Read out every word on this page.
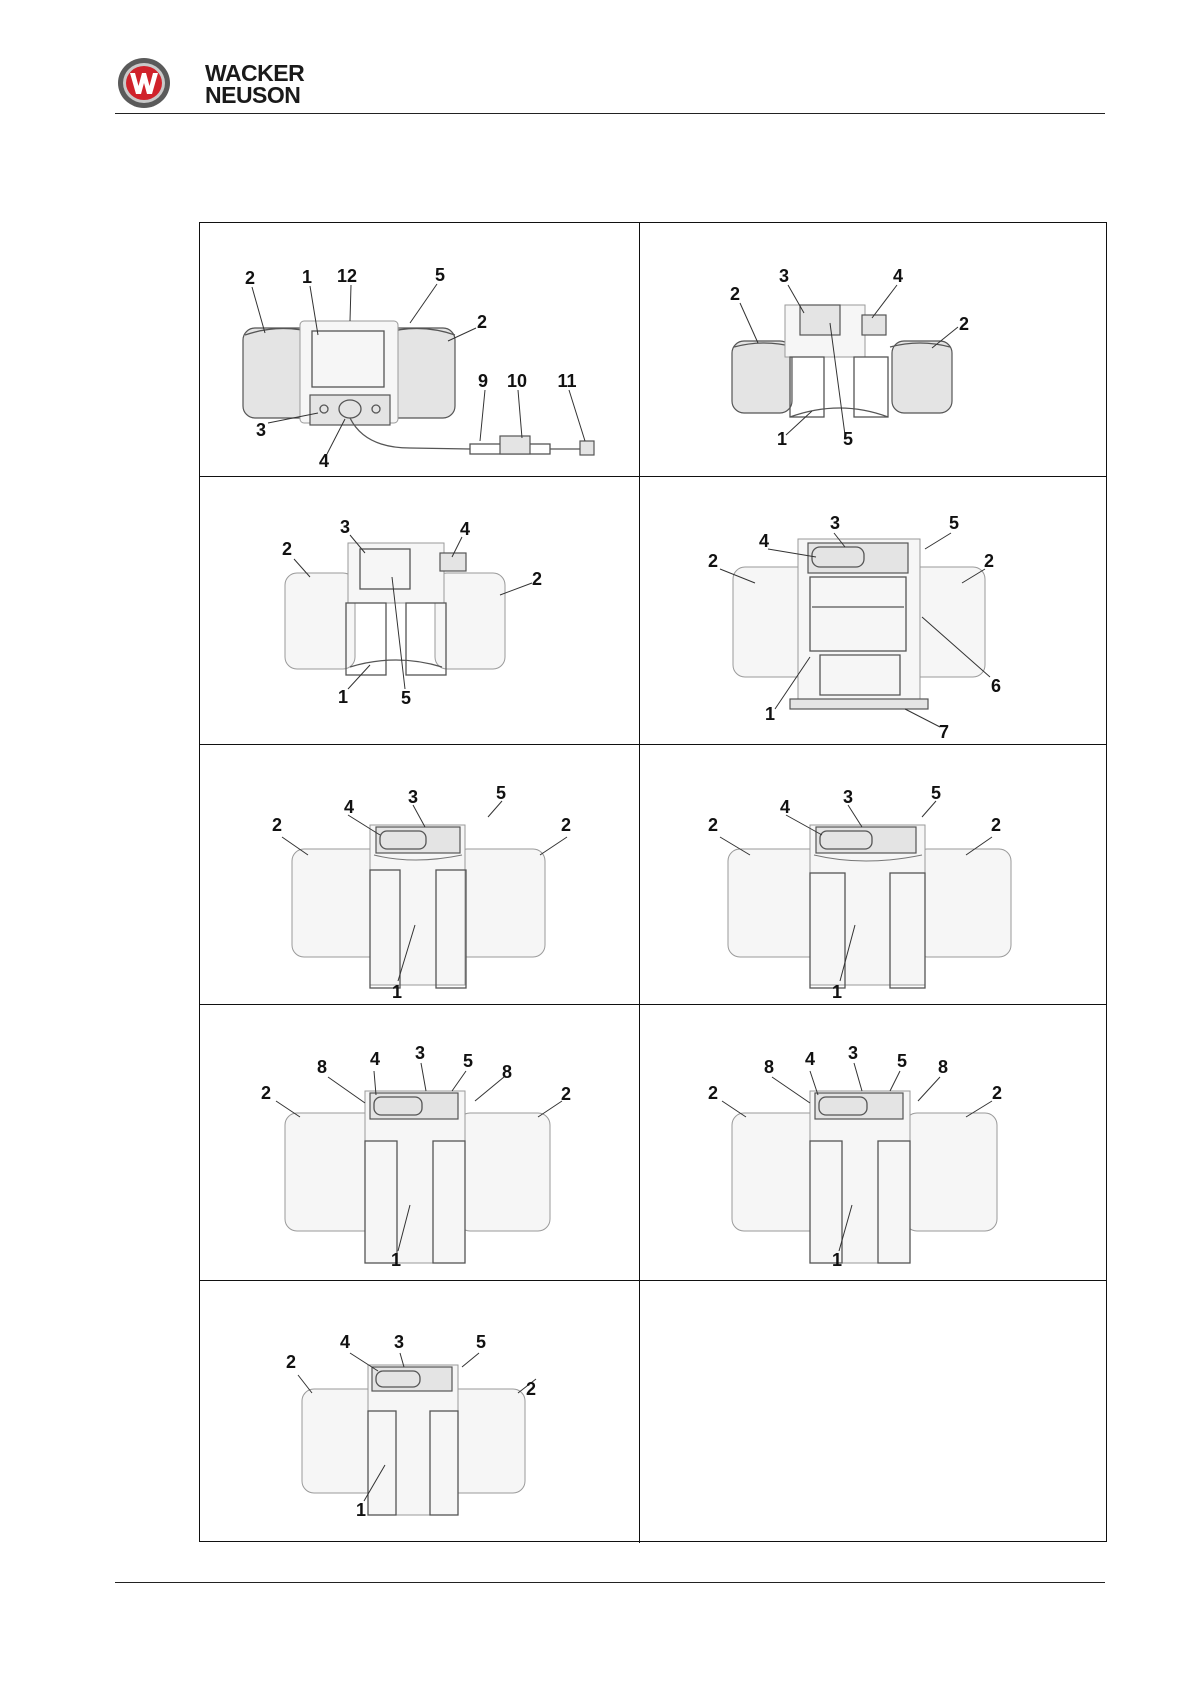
WACKER
NEUSON
2	1 12	5
2
9 10 11
3
4
3	4
2
2
1	5
3	4
2
2
1	5
3	5
4
2	2
6
1
7
5
3
4
2	2
1
5
3
4
2	2
1
3
8 4	5
8
2	2
1
3
8 4	5 8
2	2
1
4 3	5
2
2
1
